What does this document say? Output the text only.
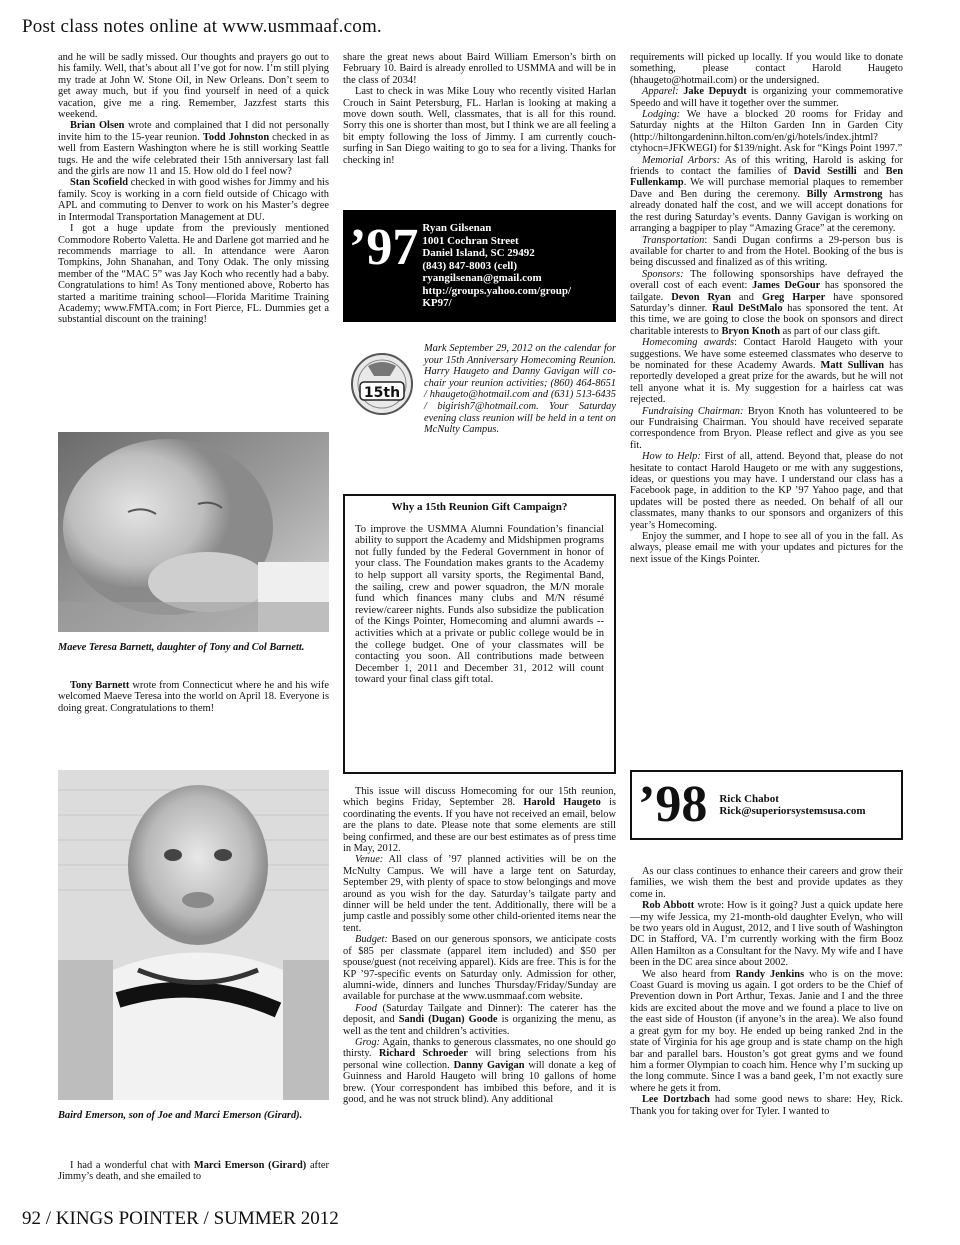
Post class notes online at www.usmmaaf.com.

and he will be sadly missed. Our thoughts and prayers go out to his family. Well, that’s about all I’ve got for now. I’m still plying my trade at John W. Stone Oil, in New Orleans. Don’t seem to get away much, but if you find yourself in need of a quick vacation, give me a ring. Remember, Jazzfest starts this weekend.

Brian Olsen wrote and complained that I did not personally invite him to the 15-year reunion. Todd Johnston checked in as well from Eastern Washington where he is still working Seattle tugs. He and the wife celebrated their 15th anniversary last fall and the girls are now 11 and 15. How old do I feel now?

Stan Scofield checked in with good wishes for Jimmy and his family. Scoy is working in a corn field outside of Chicago with APL and commuting to Denver to work on his Master’s degree in Intermodal Transportation Management at DU.

I got a huge update from the previously mentioned Commodore Roberto Valetta. He and Darlene got married and he recommends marriage to all. In attendance were Aaron Tompkins, John Shanahan, and Tony Odak. The only missing member of the “MAC 5” was Jay Koch who recently had a baby. Congratulations to him! As Tony mentioned above, Roberto has started a maritime training school—Florida Maritime Training Academy; www.FMTA.com; in Fort Pierce, FL. Dummies get a substantial discount on the training!

Maeve Teresa Barnett, daughter of Tony and Col Barnett.

Tony Barnett wrote from Connecticut where he and his wife welcomed Maeve Teresa into the world on April 18. Everyone is doing great. Congratulations to them!

Baird Emerson, son of Joe and Marci Emerson (Girard).

I had a wonderful chat with Marci Emerson (Girard) after Jimmy’s death, and she emailed to

share the great news about Baird William Emerson’s birth on February 10. Baird is already enrolled to USMMA and will be in the class of 2034!

Last to check in was Mike Louy who recently visited Harlan Crouch in Saint Petersburg, FL. Harlan is looking at making a move down south. Well, classmates, that is all for this round. Sorry this one is shorter than most, but I think we are all feeling a bit empty following the loss of Jimmy. I am currently couch-surfing in San Diego waiting to go to sea for a living. Thanks for checking in!

’97 Ryan Gilsenan
1001 Cochran Street
Daniel Island, SC 29492
(843) 847-8003 (cell)
ryangilsenan@gmail.com
http://groups.yahoo.com/group/
KP97/
15th
Mark September 29, 2012 on the calendar for your 15th Anniversary Homecoming Reunion. Harry Haugeto and Danny Gavigan will co-chair your reunion activities; (860) 464-8651 / hhaugeto@hotmail.com and (631) 513-6435 / bigirish7@hotmail.com. Your Saturday evening class reunion will be held in a tent on McNulty Campus.
Why a 15th Reunion Gift Campaign?
To improve the USMMA Alumni Foundation’s financial ability to support the Academy and Midshipmen programs not fully funded by the Federal Government in honor of your class. The Foundation makes grants to the Academy to help support all varsity sports, the Regimental Band, the sailing, crew and power squadron, the M/N morale fund which finances many clubs and M/N résumé review/career nights. Funds also subsidize the publication of the Kings Pointer, Homecoming and alumni awards -- activities which at a private or public college would be in the college budget. One of your classmates will be contacting you soon. All contributions made between December 1, 2011 and December 31, 2012 will count toward your final class gift total.

This issue will discuss Homecoming for our 15th reunion, which begins Friday, September 28. Harold Haugeto is coordinating the events. If you have not received an email, below are the plans to date. Please note that some elements are still being confirmed, and these are our best estimates as of press time in May, 2012.

Venue: All class of ’97 planned activities will be on the McNulty Campus. We will have a large tent on Saturday, September 29, with plenty of space to stow belongings and move around as you wish for the day. Saturday’s tailgate party and dinner will be held under the tent. Additionally, there will be a jump castle and possibly some other child-oriented items near the tent.

Budget: Based on our generous sponsors, we anticipate costs of $85 per classmate (apparel item included) and $50 per spouse/guest (not receiving apparel). Kids are free. This is for the KP ’97-specific events on Saturday only. Admission for other, alumni-wide, dinners and lunches Thursday/Friday/Sunday are available for purchase at the www.usmmaaf.com website.

Food (Saturday Tailgate and Dinner): The caterer has the deposit, and Sandi (Dugan) Goode is organizing the menu, as well as the tent and children’s activities.

Grog: Again, thanks to generous classmates, no one should go thirsty. Richard Schroeder will bring selections from his personal wine collection. Danny Gavigan will donate a keg of Guinness and Harold Haugeto will bring 10 gallons of home brew. (Your correspondent has imbibed this before, and it is good, and he was not struck blind). Any additional

requirements will picked up locally. If you would like to donate something, please contact Harold Haugeto (hhaugeto@hotmail.com) or the undersigned.

Apparel: Jake Depuydt is organizing your commemorative Speedo and will have it together over the summer.

Lodging: We have a blocked 20 rooms for Friday and Saturday nights at the Hilton Garden Inn in Garden City (http://hiltongardeninn.hilton.com/en/gi/hotels/index.jhtml?ctyhocn=JFKWEGI) for $139/night. Ask for “Kings Point 1997.”

Memorial Arbors: As of this writing, Harold is asking for friends to contact the families of David Sestilli and Ben Fullenkamp. We will purchase memorial plaques to remember Dave and Ben during the ceremony. Billy Armstrong has already donated half the cost, and we will accept donations for the rest during Saturday’s events. Danny Gavigan is working on arranging a bagpiper to play “Amazing Grace” at the ceremony.

Transportation: Sandi Dugan confirms a 29-person bus is available for charter to and from the Hotel. Booking of the bus is being discussed and finalized as of this writing.

Sponsors: The following sponsorships have defrayed the overall cost of each event: James DeGour has sponsored the tailgate. Devon Ryan and Greg Harper have sponsored Saturday’s dinner. Raul DeStMalo has sponsored the tent. At this time, we are going to close the book on sponsors and direct charitable interests to Bryon Knoth as part of our class gift.

Homecoming awards: Contact Harold Haugeto with your suggestions. We have some esteemed classmates who deserve to be nominated for these Academy Awards. Matt Sullivan has reportedly developed a great prize for the awards, but he will not tell anyone what it is. My suggestion for a hairless cat was rejected.

Fundraising Chairman: Bryon Knoth has volunteered to be our Fundraising Chairman. You should have received separate correspondence from Bryon. Please reflect and give as you see fit.

How to Help: First of all, attend. Beyond that, please do not hesitate to contact Harold Haugeto or me with any suggestions, ideas, or questions you may have. I understand our class has a Facebook page, in addition to the KP ’97 Yahoo page, and that updates will be posted there as needed. On behalf of all our classmates, many thanks to our sponsors and organizers of this year’s Homecoming.

Enjoy the summer, and I hope to see all of you in the fall. As always, please email me with your updates and pictures for the next issue of the Kings Pointer.

’98	Rick Chabot
Rick@superiorsystemsusa.com

As our class continues to enhance their careers and grow their families, we wish them the best and provide updates as they come in.

Rob Abbott wrote: How is it going? Just a quick update here—my wife Jessica, my 21-month-old daughter Evelyn, who will be two years old in August, 2012, and I live south of Washington DC in Stafford, VA. I’m currently working with the firm Booz Allen Hamilton as a Consultant for the Navy. My wife and I have been in the DC area since about 2002.

We also heard from Randy Jenkins who is on the move: Coast Guard is moving us again. I got orders to be the Chief of Prevention down in Port Arthur, Texas. Janie and I and the three kids are excited about the move and we found a place to live on the east side of Houston (if anyone’s in the area). We also found a great gym for my boy. He ended up being ranked 2nd in the state of Virginia for his age group and is state champ on the high bar and parallel bars. Houston’s got great gyms and we found him a former Olympian to coach him. Hence why I’m sucking up the long commute. Since I was a band geek, I’m not exactly sure where he gets it from.

Lee Dortzbach had some good news to share: Hey, Rick. Thank you for taking over for Tyler. I wanted to

92 / KINGS POINTER / SUMMER 2012
